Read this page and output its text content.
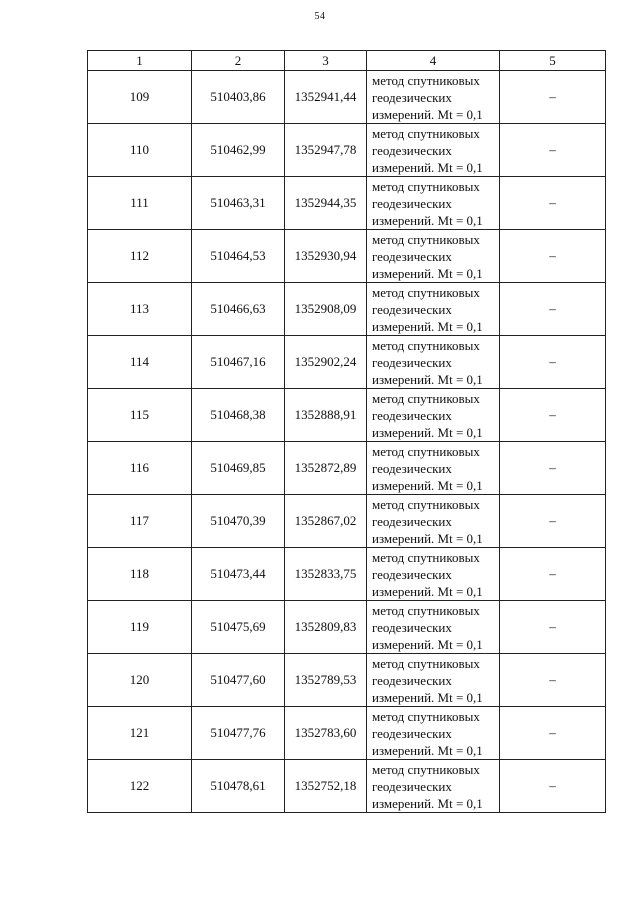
54
1	2	3	4	5
109	510403,86	1352941,44	метод спутниковых
геодезических
измерений. Mt = 0,1	–
110	510462,99	1352947,78	метод спутниковых
геодезических
измерений. Mt = 0,1	–
111	510463,31	1352944,35	метод спутниковых
геодезических
измерений. Mt = 0,1	–
112	510464,53	1352930,94	метод спутниковых
геодезических
измерений. Mt = 0,1	–
113	510466,63	1352908,09	метод спутниковых
геодезических
измерений. Mt = 0,1	–
114	510467,16	1352902,24	метод спутниковых
геодезических
измерений. Mt = 0,1	–
115	510468,38	1352888,91	метод спутниковых
геодезических
измерений. Mt = 0,1	–
116	510469,85	1352872,89	метод спутниковых
геодезических
измерений. Mt = 0,1	–
117	510470,39	1352867,02	метод спутниковых
геодезических
измерений. Mt = 0,1	–
118	510473,44	1352833,75	метод спутниковых
геодезических
измерений. Mt = 0,1	–
119	510475,69	1352809,83	метод спутниковых
геодезических
измерений. Mt = 0,1	–
120	510477,60	1352789,53	метод спутниковых
геодезических
измерений. Mt = 0,1	–
121	510477,76	1352783,60	метод спутниковых
геодезических
измерений. Mt = 0,1	–
122	510478,61	1352752,18	метод спутниковых
геодезических
измерений. Mt = 0,1	–
